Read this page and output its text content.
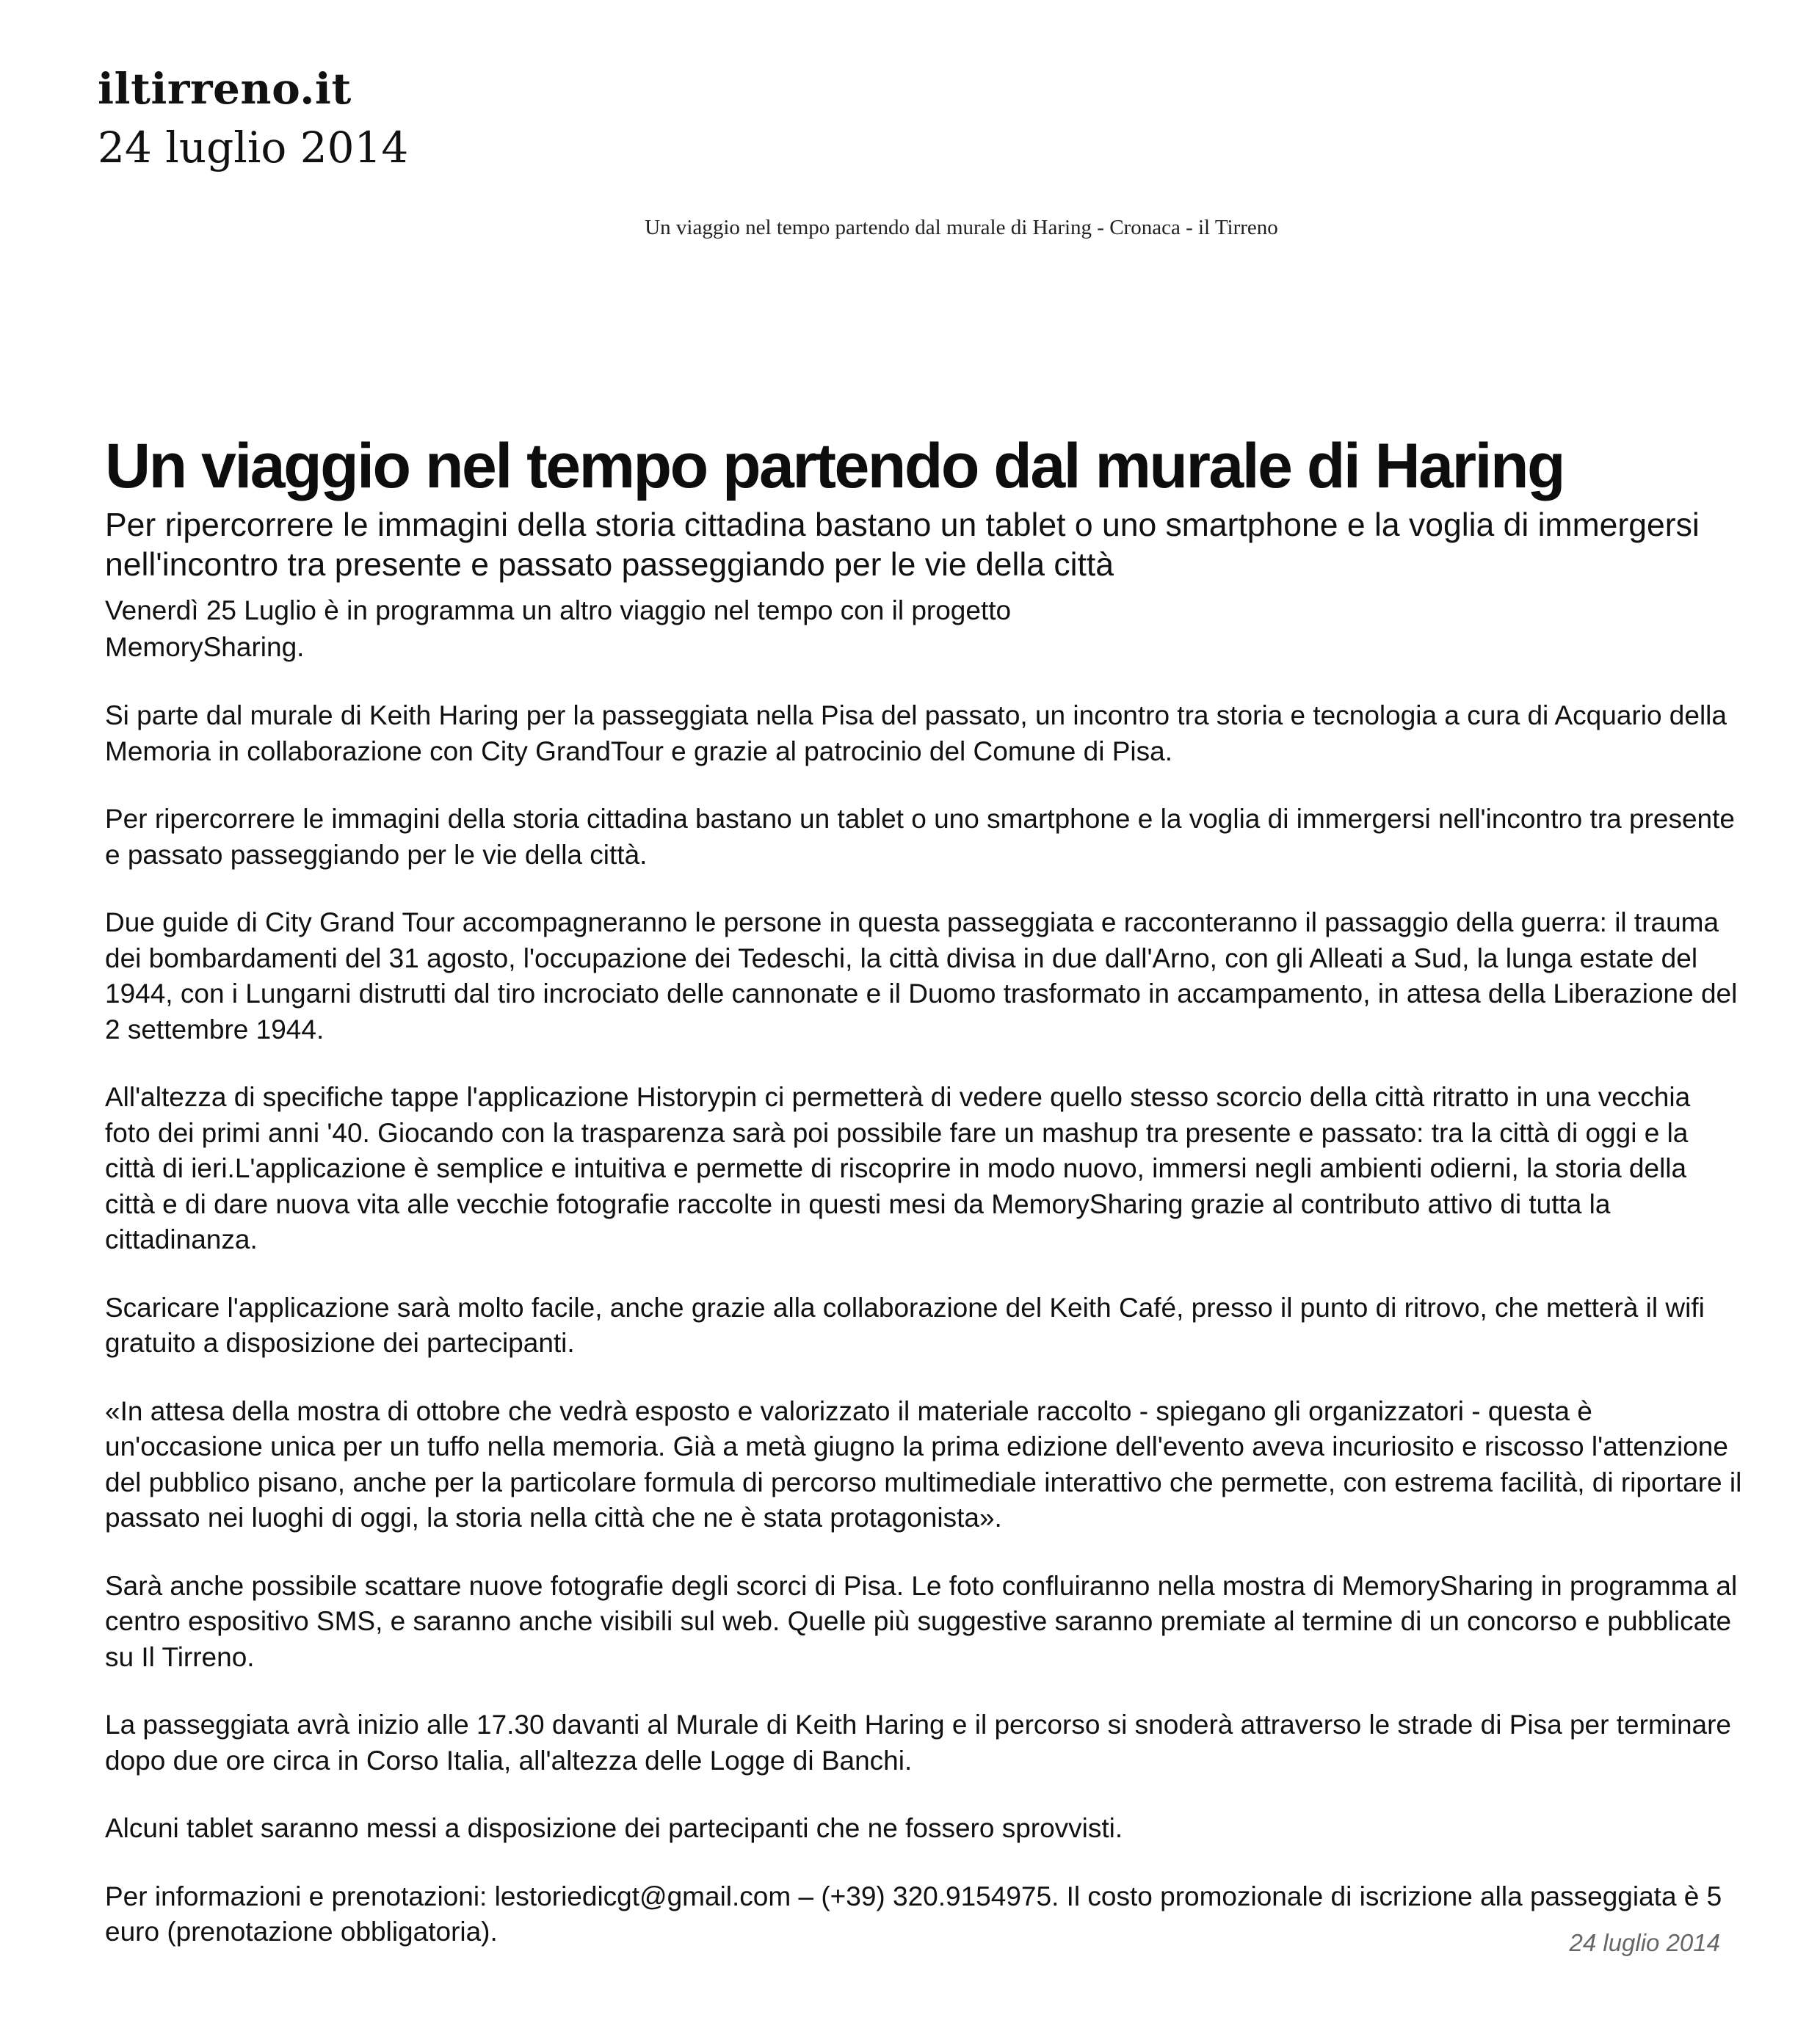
iltirreno.it
24 luglio 2014
Un viaggio nel tempo partendo dal murale di Haring - Cronaca - il Tirreno
Un viaggio nel tempo partendo dal murale di Haring

Per ripercorrere le immagini della storia cittadina bastano un tablet o uno smartphone e la voglia di immergersi nell'incontro tra presente e passato passeggiando per le vie della città

Venerdì 25 Luglio è in programma un altro viaggio nel tempo con il progetto MemorySharing.

Si parte dal murale di Keith Haring per la passeggiata nella Pisa del passato, un incontro tra storia e tecnologia a cura di Acquario della Memoria in collaborazione con City GrandTour e grazie al patrocinio del Comune di Pisa.

Per ripercorrere le immagini della storia cittadina bastano un tablet o uno smartphone e la voglia di immergersi nell'incontro tra presente e passato passeggiando per le vie della città.

Due guide di City Grand Tour accompagneranno le persone in questa passeggiata e racconteranno il passaggio della guerra: il trauma dei bombardamenti del 31 agosto, l'occupazione dei Tedeschi, la città divisa in due dall'Arno, con gli Alleati a Sud, la lunga estate del 1944, con i Lungarni distrutti dal tiro incrociato delle cannonate e il Duomo trasformato in accampamento, in attesa della Liberazione del 2 settembre 1944.

All'altezza di specifiche tappe l'applicazione Historypin ci permetterà di vedere quello stesso scorcio della città ritratto in una vecchia foto dei primi anni '40. Giocando con la trasparenza sarà poi possibile fare un mashup tra presente e passato: tra la città di oggi e la città di ieri.L'applicazione è semplice e intuitiva e permette di riscoprire in modo nuovo, immersi negli ambienti odierni, la storia della città e di dare nuova vita alle vecchie fotografie raccolte in questi mesi da MemorySharing grazie al contributo attivo di tutta la cittadinanza.

Scaricare l'applicazione sarà molto facile, anche grazie alla collaborazione del Keith Café, presso il punto di ritrovo, che metterà il wifi gratuito a disposizione dei partecipanti.

«In attesa della mostra di ottobre che vedrà esposto e valorizzato il materiale raccolto - spiegano gli organizzatori - questa è un'occasione unica per un tuffo nella memoria. Già a metà giugno la prima edizione dell'evento aveva incuriosito e riscosso l'attenzione del pubblico pisano, anche per la particolare formula di percorso multimediale interattivo che permette, con estrema facilità, di riportare il passato nei luoghi di oggi, la storia nella città che ne è stata protagonista».

Sarà anche possibile scattare nuove fotografie degli scorci di Pisa. Le foto confluiranno nella mostra di MemorySharing in programma al centro espositivo SMS, e saranno anche visibili sul web. Quelle più suggestive saranno premiate al termine di un concorso e pubblicate su Il Tirreno.

La passeggiata avrà inizio alle 17.30 davanti al Murale di Keith Haring e il percorso si snoderà attraverso le strade di Pisa per terminare dopo due ore circa in Corso Italia, all'altezza delle Logge di Banchi.

Alcuni tablet saranno messi a disposizione dei partecipanti che ne fossero sprovvisti.

Per informazioni e prenotazioni: lestoriedicgt@gmail.com – (+39) 320.9154975. Il costo promozionale di iscrizione alla passeggiata è 5 euro (prenotazione obbligatoria).	24 luglio 2014
